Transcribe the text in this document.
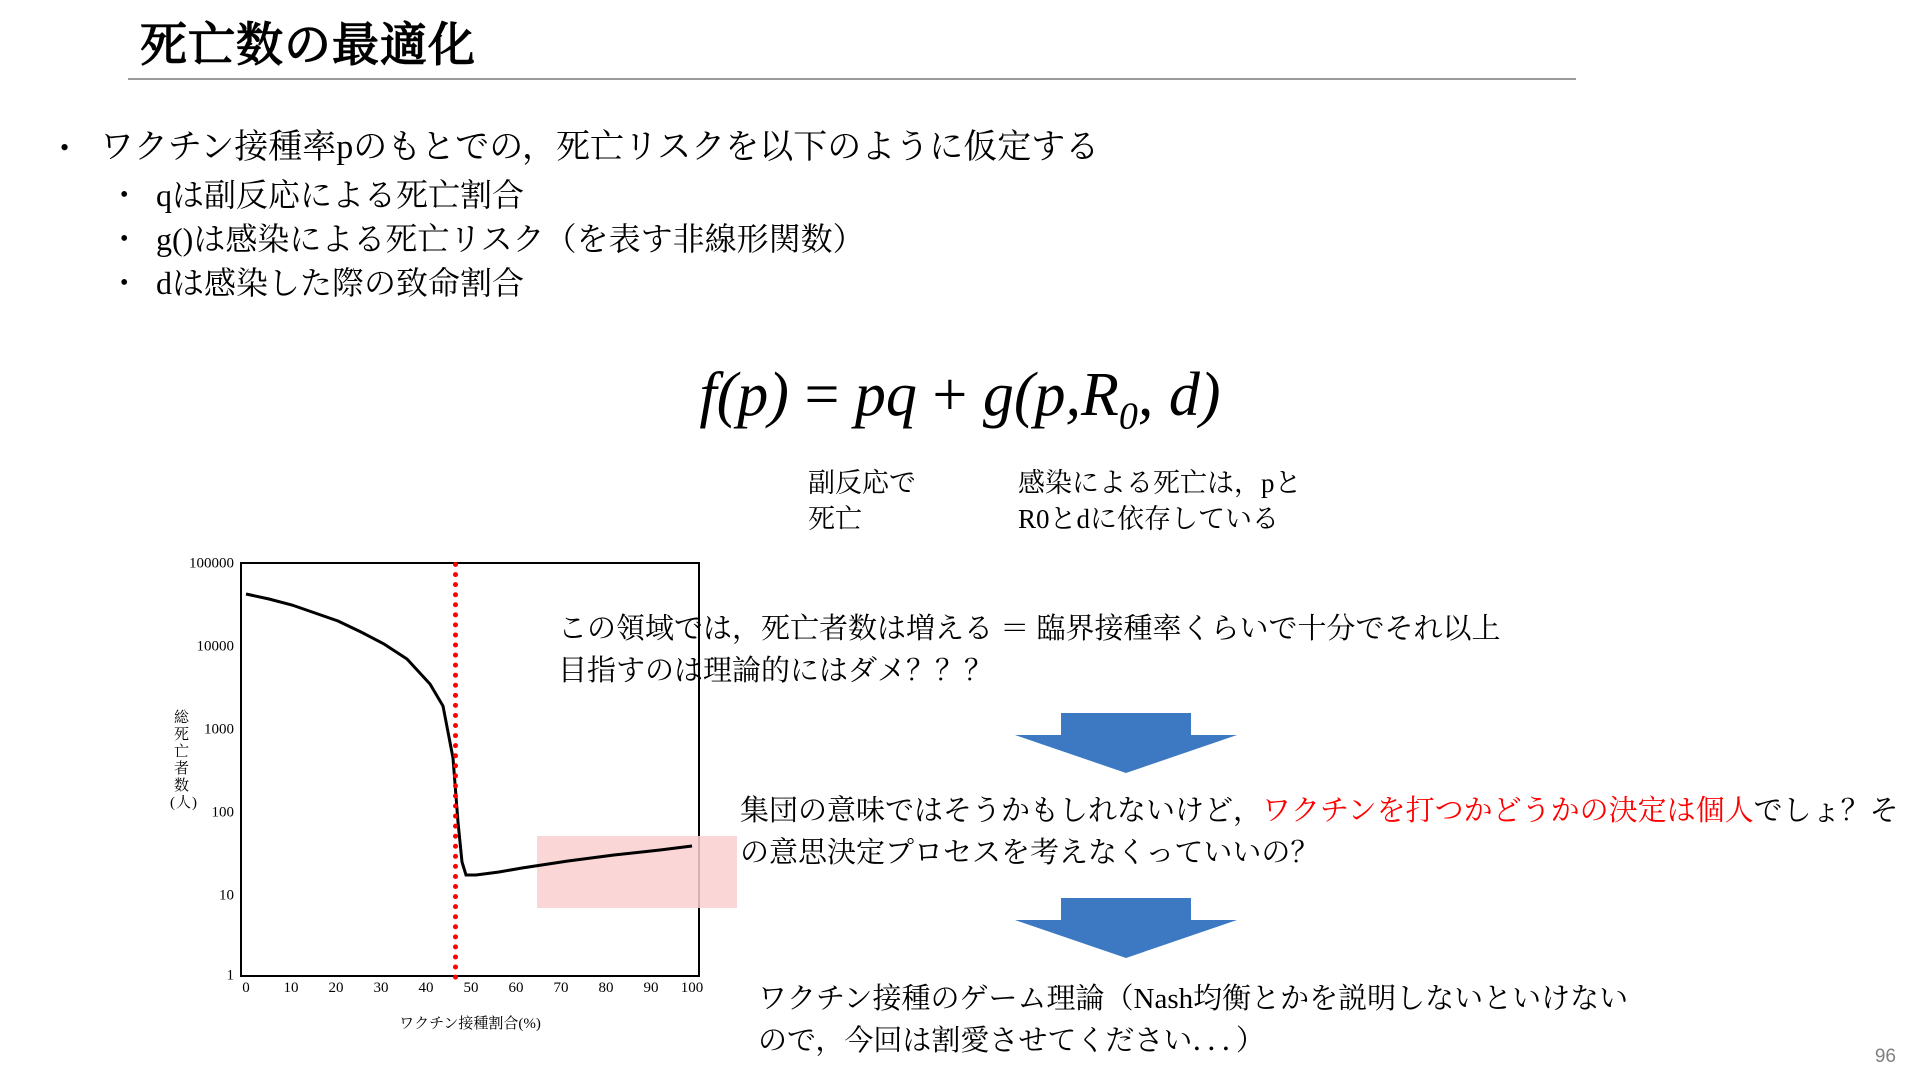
死亡数の最適化
• ワクチン接種率pのもとでの，死亡リスクを以下のように仮定する
• qは副反応による死亡割合
• g()は感染による死亡リスク（を表す非線形関数）
• dは感染した際の致命割合
f(p) = pq + $g(p,R_0$, d)
副反応で
死亡
感染による死亡は，pと
R0とdに依存している
総死亡者数(人)
100000
10000
1000
100
10
1
0 10 20 30 40 50 60 70 80 90 100
ワクチン接種割合(%)
この領域では，死亡者数は増える ＝ 臨界接種率くらいで十分でそれ以上
目指すのは理論的にはダメ？？？
集団の意味ではそうかもしれないけど，ワクチンを打つかどうかの決定は個人でしょ？その意思決定プロセスを考えなくっていいの？
ワクチン接種のゲーム理論（Nash均衡とかを説明しないといけない
ので，今回は割愛させてください．．．）	96
